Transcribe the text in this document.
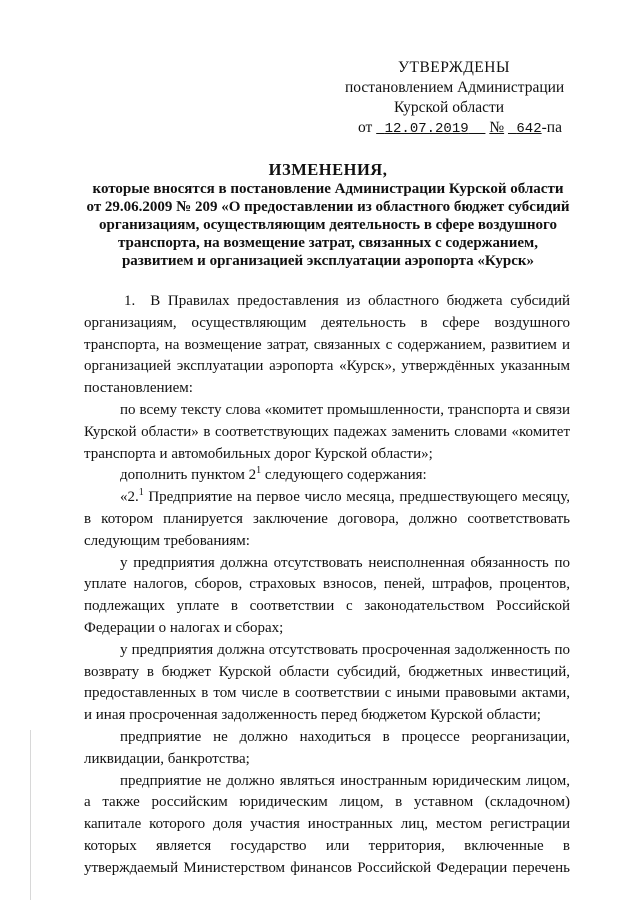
УТВЕРЖДЕНЫ
постановлением Администрации
Курской области
от 12.07.2019 № 642-па
ИЗМЕНЕНИЯ,
которые вносятся в постановление Администрации Курской области
от 29.06.2009 № 209 «О предоставлении из областного бюджет субсидий
организациям, осуществляющим деятельность в сфере воздушного
транспорта, на возмещение затрат, связанных с содержанием,
развитием и организацией эксплуатации аэропорта «Курск»

1. В Правилах предоставления из областного бюджета субсидий организациям, осуществляющим деятельность в сфере воздушного транспорта, на возмещение затрат, связанных с содержанием, развитием и организацией эксплуатации аэропорта «Курск», утверждённых указанным постановлением:

по всему тексту слова «комитет промышленности, транспорта и связи Курской области» в соответствующих падежах заменить словами «комитет транспорта и автомобильных дорог Курской области»;

дополнить пунктом $2^1$ следующего содержания:

«2.$^1$ Предприятие на первое число месяца, предшествующего месяцу, в котором планируется заключение договора, должно соответствовать следующим требованиям:

у предприятия должна отсутствовать неисполненная обязанность по уплате налогов, сборов, страховых взносов, пеней, штрафов, процентов, подлежащих уплате в соответствии с законодательством Российской Федерации о налогах и сборах;

у предприятия должна отсутствовать просроченная задолженность по возврату в бюджет Курской области субсидий, бюджетных инвестиций, предоставленных в том числе в соответствии с иными правовыми актами, и иная просроченная задолженность перед бюджетом Курской области;

предприятие не должно находиться в процессе реорганизации, ликвидации, банкротства;

предприятие не должно являться иностранным юридическим лицом, а также российским юридическим лицом, в уставном (складочном) капитале которого доля участия иностранных лиц, местом регистрации которых является государство или территория, включенные в утверждаемый Министерством финансов Российской Федерации перечень
